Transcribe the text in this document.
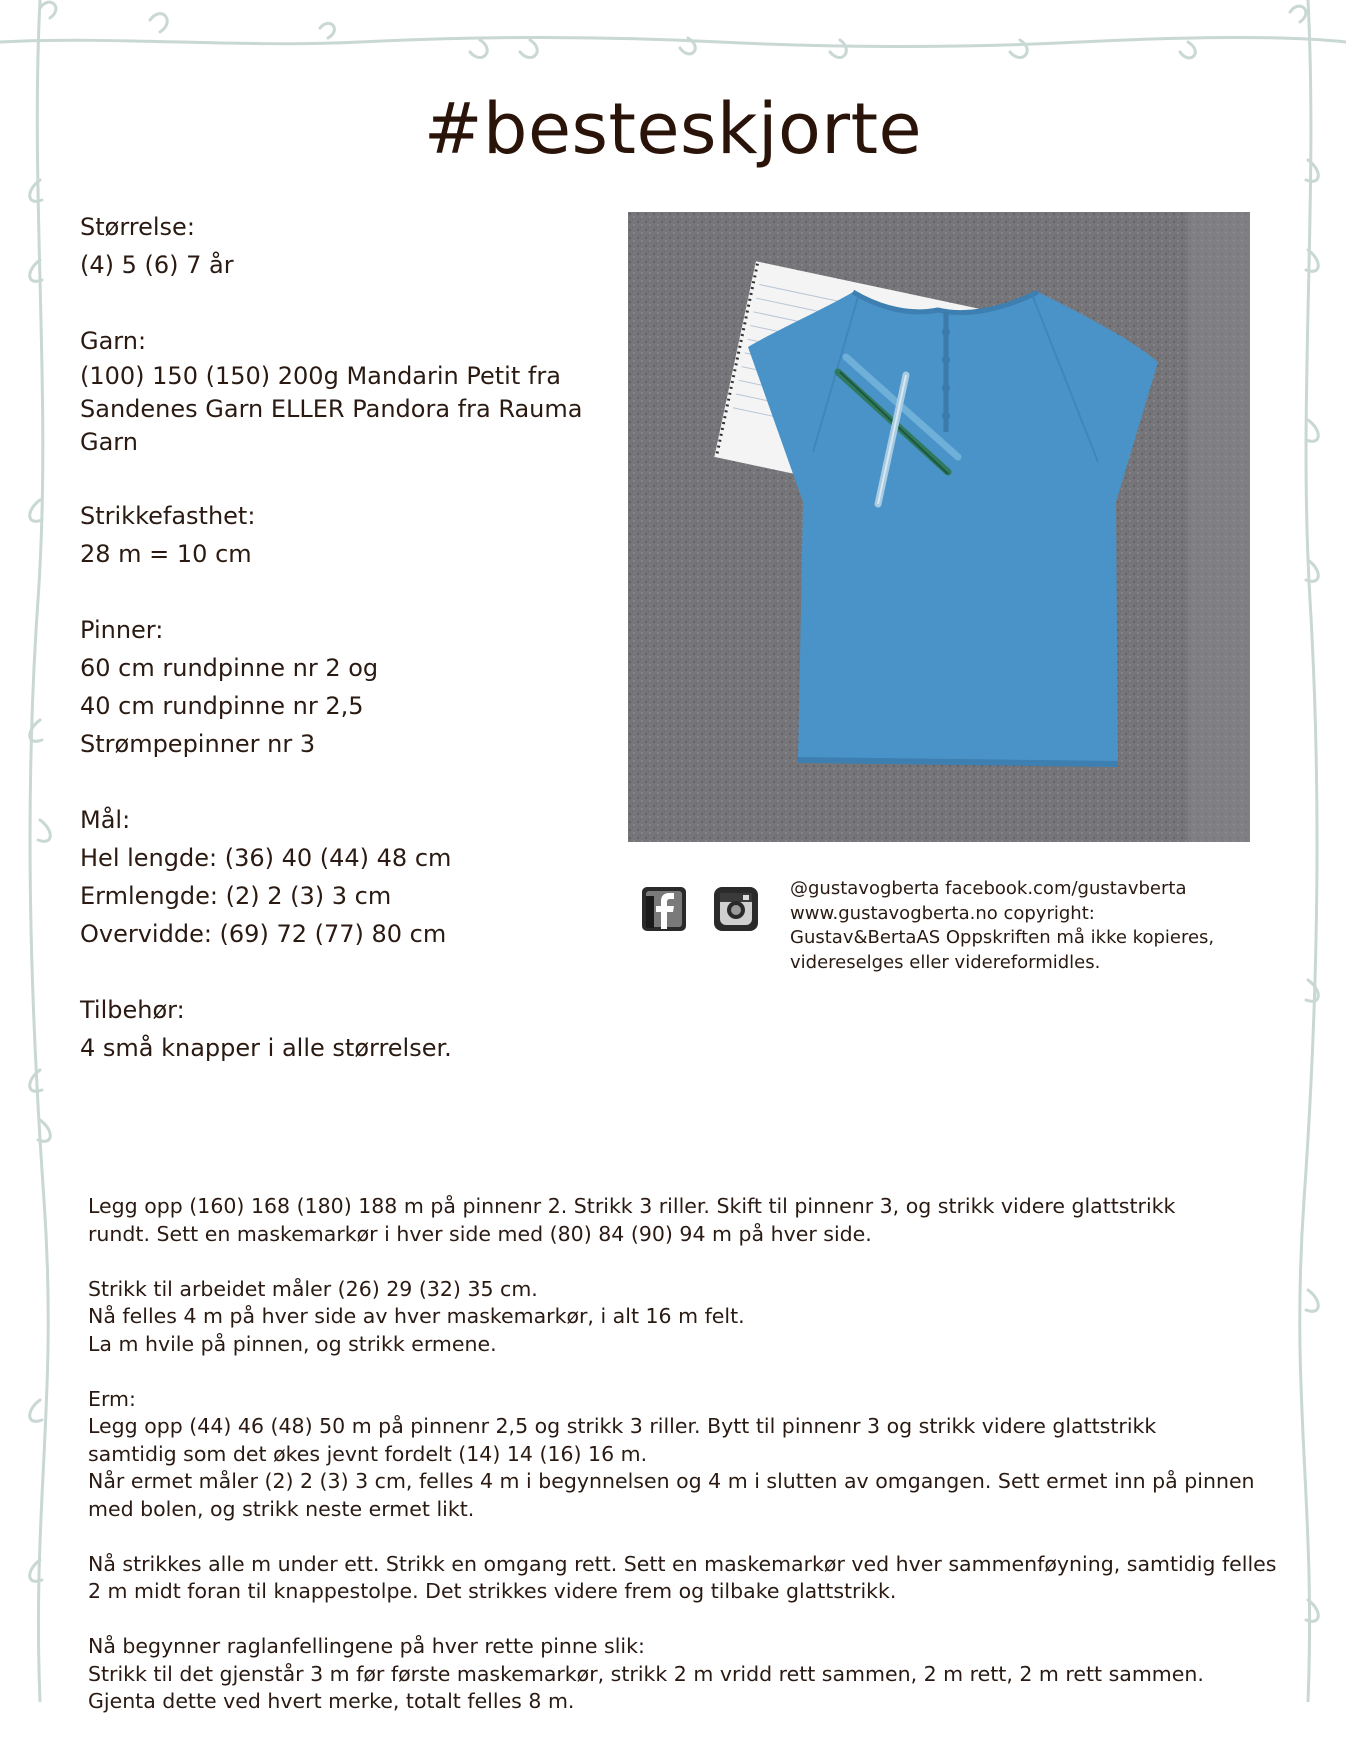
#besteskjorte
Størrelse:
(4) 5 (6) 7 år
Garn:
(100) 150 (150) 200g Mandarin Petit fra
Sandenes Garn ELLER Pandora fra Rauma
Garn
Strikkefasthet:
28 m = 10 cm
Pinner:
60 cm rundpinne nr 2 og
40 cm rundpinne nr 2,5
Strømpepinner nr 3
Mål:
Hel lengde: (36) 40 (44) 48 cm
Ermlengde: (2) 2 (3) 3 cm
Overvidde: (69) 72 (77) 80 cm
Tilbehør:
4 små knapper i alle størrelser.
@gustavogberta facebook.com/gustavberta
www.gustavogberta.no copyright:
Gustav&BertaAS Oppskriften må ikke kopieres,
videreselges eller videreformidles.
Legg opp (160) 168 (180) 188 m på pinnenr 2. Strikk 3 riller. Skift til pinnenr 3, og strikk videre glattstrikk
rundt. Sett en maskemarkør i hver side med (80) 84 (90) 94 m på hver side.
Strikk til arbeidet måler (26) 29 (32) 35 cm.
Nå felles 4 m på hver side av hver maskemarkør, i alt 16 m felt.
La m hvile på pinnen, og strikk ermene.
Erm:
Legg opp (44) 46 (48) 50 m på pinnenr 2,5 og strikk 3 riller. Bytt til pinnenr 3 og strikk videre glattstrikk
samtidig som det økes jevnt fordelt (14) 14 (16) 16 m.
Når ermet måler (2) 2 (3) 3 cm, felles 4 m i begynnelsen og 4 m i slutten av omgangen. Sett ermet inn på pinnen
med bolen, og strikk neste ermet likt.
Nå strikkes alle m under ett. Strikk en omgang rett. Sett en maskemarkør ved hver sammenføyning, samtidig felles
2 m midt foran til knappestolpe. Det strikkes videre frem og tilbake glattstrikk.
Nå begynner raglanfellingene på hver rette pinne slik:
Strikk til det gjenstår 3 m før første maskemarkør, strikk 2 m vridd rett sammen, 2 m rett, 2 m rett sammen.
Gjenta dette ved hvert merke, totalt felles 8 m.
